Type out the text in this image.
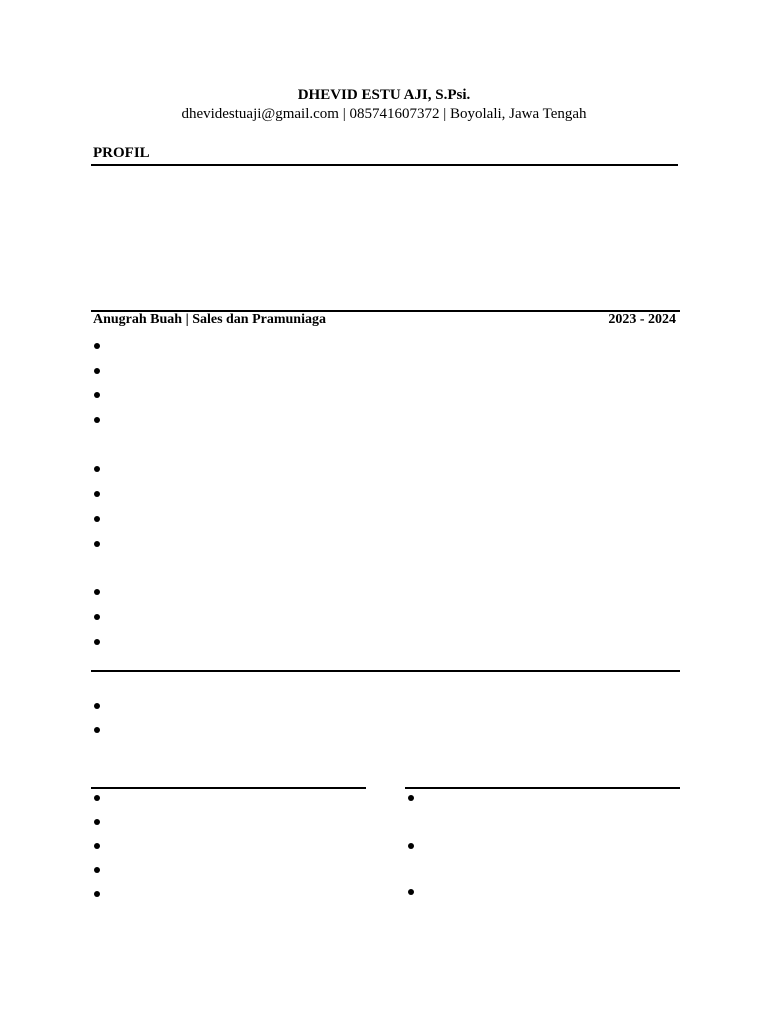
DHEVID ESTU AJI, S.Psi.
dhevidestuaji@gmail.com | 085741607372 | Boyolali, Jawa Tengah
PROFIL
Anugrah Buah | Sales dan Pramuniaga	2023 - 2024
